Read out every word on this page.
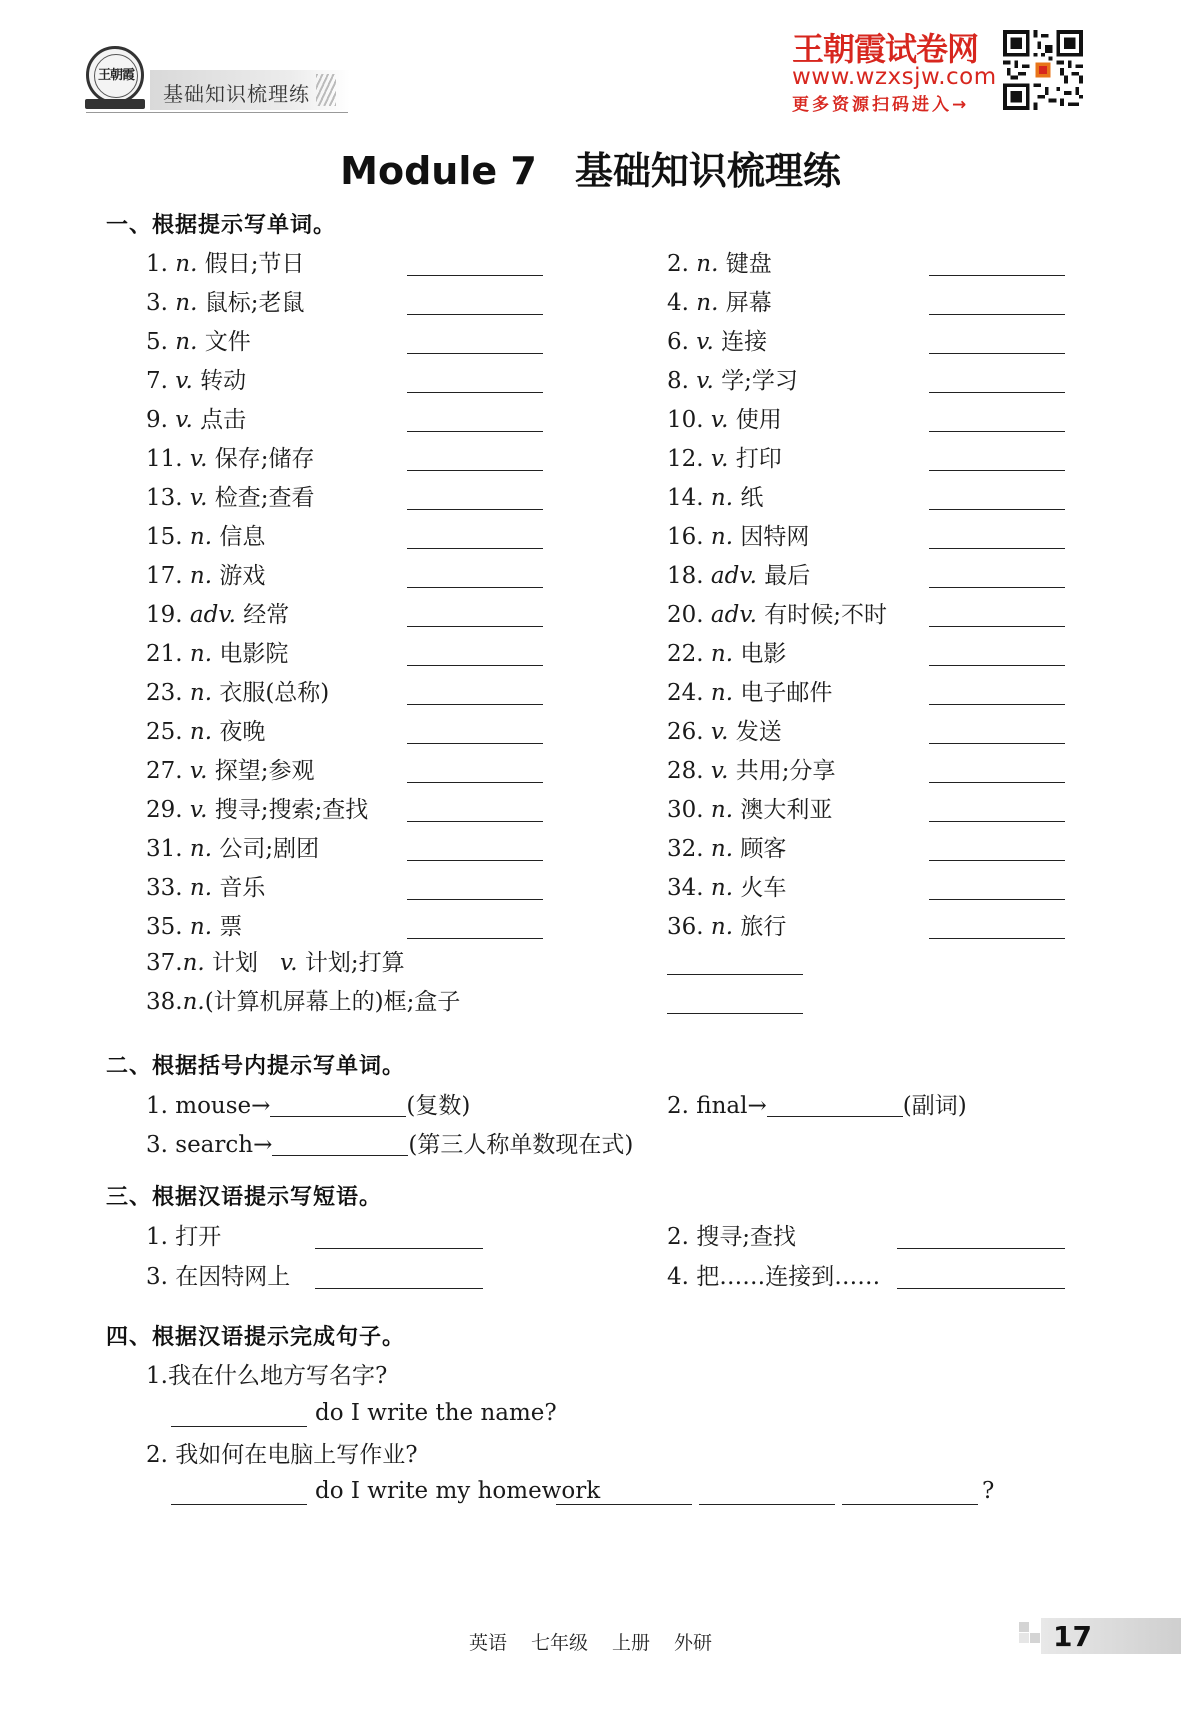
王朝霞
基础知识梳理练
王朝霞试卷网
www.wzxsjw.com
更多资源扫码进入→
Module 7　基础知识梳理练
一、根据提示写单词。
1. n. 假日;节日	2. n. 键盘
3. n. 鼠标;老鼠	4. n. 屏幕
5. n. 文件	6. v. 连接
7. v. 转动	8. v. 学;学习
9. v. 点击	10. v. 使用
11. v. 保存;储存	12. v. 打印
13. v. 检查;查看	14. n. 纸
15. n. 信息	16. n. 因特网
17. n. 游戏	18. adv. 最后
19. adv. 经常	20. adv. 有时候;不时
21. n. 电影院	22. n. 电影
23. n. 衣服(总称)	24. n. 电子邮件
25. n. 夜晚	26. v. 发送
27. v. 探望;参观	28. v. 共用;分享
29. v. 搜寻;搜索;查找	30. n. 澳大利亚
31. n. 公司;剧团	32. n. 顾客
33. n. 音乐	34. n. 火车
35. n. 票	36. n. 旅行
37.n. 计划 v. 计划;打算
38.n.(计算机屏幕上的)框;盒子
二、根据括号内提示写单词。
1. mouse→	(复数)	2. final→	(副词)
3. search→	(第三人称单数现在式)
三、根据汉语提示写短语。
1. 打开	2. 搜寻;查找
3. 在因特网上	4. 把……连接到……
四、根据汉语提示完成句子。
1.我在什么地方写名字?
do I write the name?
2. 我如何在电脑上写作业?
do I write my homework	?
英语 七年级 上册 外研	17
